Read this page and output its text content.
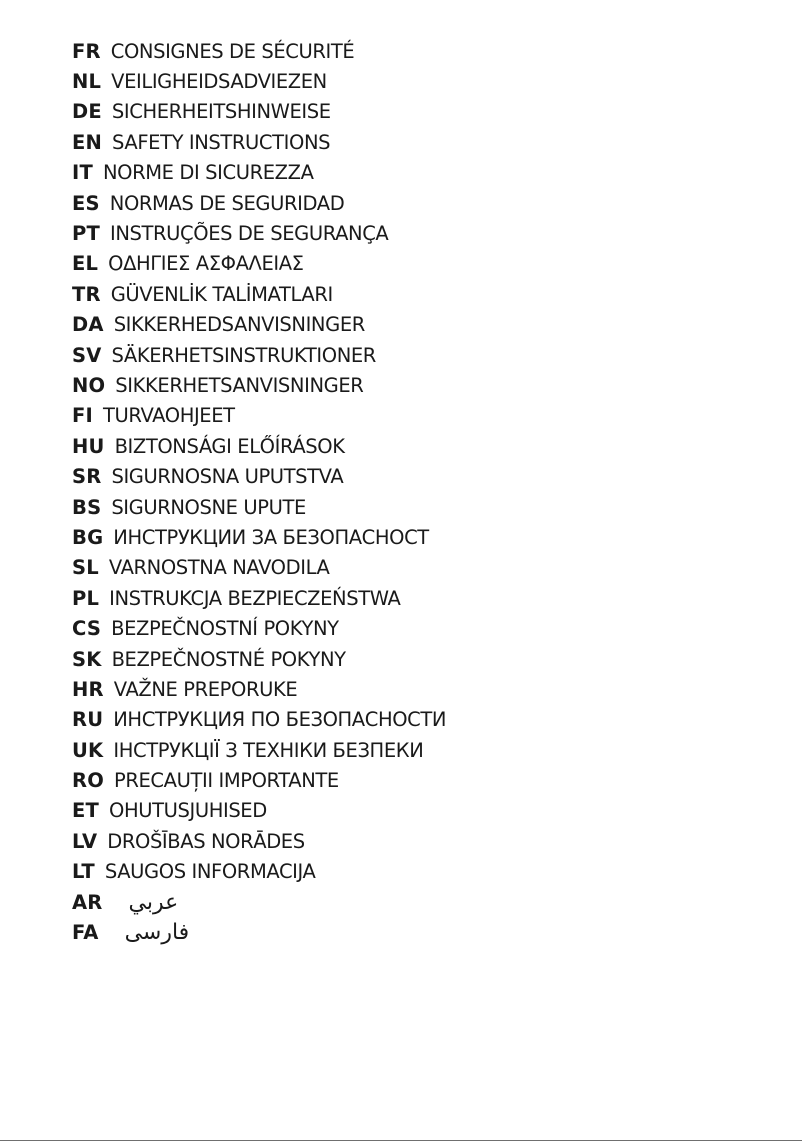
FR CONSIGNES DE SÉCURITÉ
NL VEILIGHEIDSADVIEZEN
DE SICHERHEITSHINWEISE
EN SAFETY INSTRUCTIONS
IT NORME DI SICUREZZA
ES NORMAS DE SEGURIDAD
PT INSTRUÇÕES DE SEGURANÇA
EL ΟΔΗΓΙΕΣ ΑΣΦΑΛΕΙΑΣ
TR GÜVENLİK TALİMATLARI
DA SIKKERHEDSANVISNINGER
SV SÄKERHETSINSTRUKTIONER
NO SIKKERHETSANVISNINGER
FI TURVAOHJEET
HU BIZTONSÁGI ELŐÍRÁSOK
SR SIGURNOSNA UPUTSTVA
BS SIGURNOSNE UPUTE
BG ИНСТРУКЦИИ ЗА БЕЗОПАСНОСТ
SL VARNOSTNA NAVODILA
PL INSTRUKCJA BEZPIECZEŃSTWA
CS BEZPEČNOSTNÍ POKYNY
SK BEZPEČNOSTNÉ POKYNY
HR VAŽNE PREPORUKE
RU ИНСТРУКЦИЯ ПО БЕЗОПАСНОСТИ
UK ІНСТРУКЦІЇ З ТЕХНІКИ БЕЗПЕКИ
RO PRECAUȚII IMPORTANTE
ET OHUTUSJUHISED
LV DROŠĪBAS NORĀDES
LT SAUGOS INFORMACIJA
AR عربي
FA فارسی
